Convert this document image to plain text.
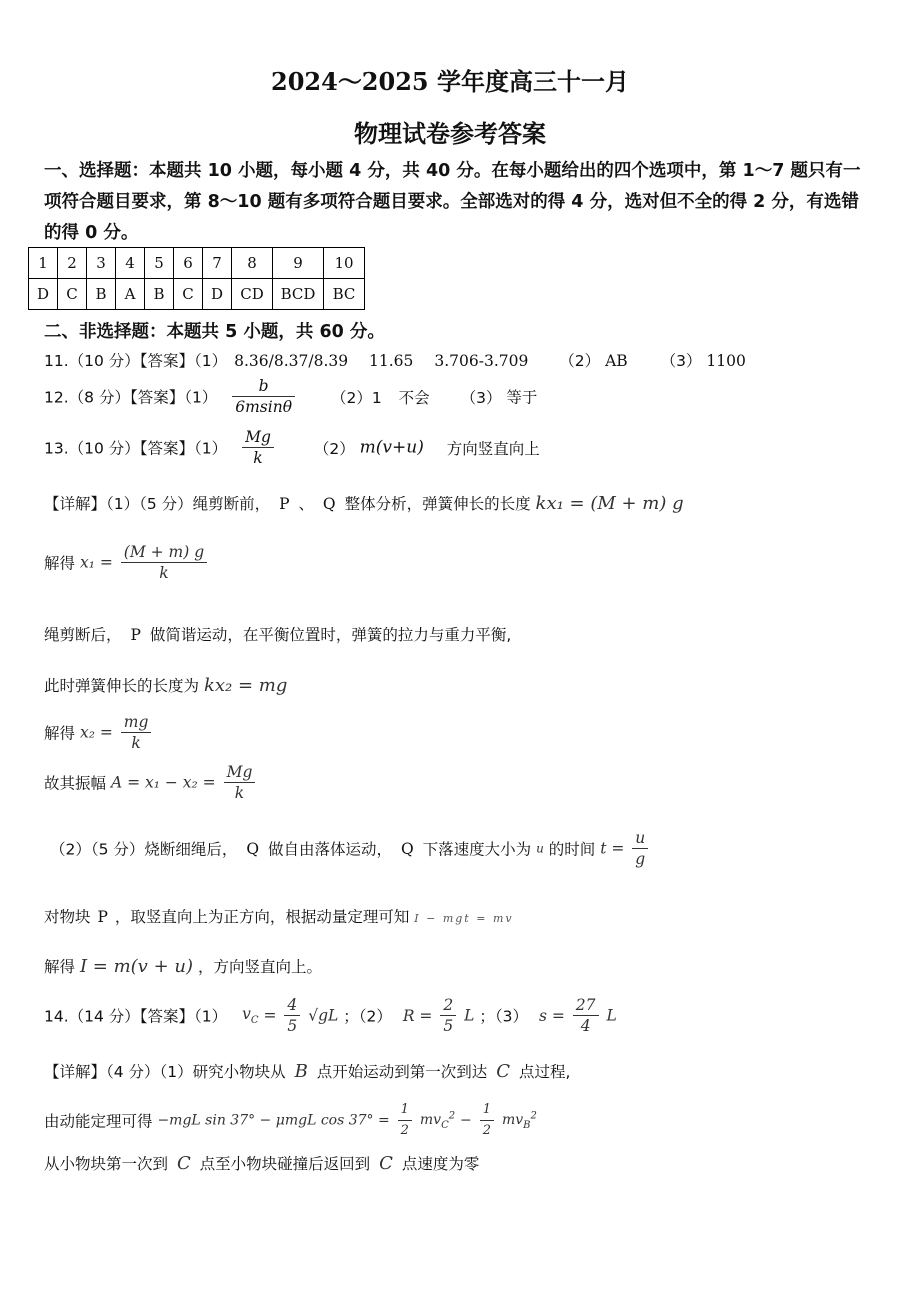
2024～2025 学年度高三十一月
物理试卷参考答案
一、选择题：本题共 10 小题，每小题 4 分，共 40 分。在每小题给出的四个选项中，第 1～7 题只有一项符合题目要求，第 8～10 题有多项符合题目要求。全部选对的得 4 分，选对但不全的得 2 分，有选错的得 0 分。
1	2	3	4	5	6	7	8	9	10
D	C	B	A	B	C	D	CD	BCD	BC
二、非选择题：本题共 5 小题，共 60 分。
11.（10 分）【答案】（1） 8.36/8.37/8.39 11.65 3.706-3.709 （2） AB （3） 1100
12.（8 分）【答案】$(1) \frac{b}{6msin\theta} (2)1$ 不会 （3） 等于
13.（10 分）【答案】$(1) \frac{Mg}{k}$	（2） m(v+u) 方向竖直向上
【详解】（1）（5 分）绳剪断前， P 、 Q 整体分析，弹簧伸长的长度 kx₁ = (M + m) g
解得 $x_1 = \frac{(M + m) g}{k}$
绳剪断后， P 做简谐运动，在平衡位置时，弹簧的拉力与重力平衡,
此时弹簧伸长的长度为 kx₂ = mg
解得 $x_2 = \frac{mg}{k}$
故其振幅 $A = x_1 - x_2 = \frac{Mg}{k}$
（2）（5 分）烧断细绳后， Q 做自由落体运动， Q 下落速度大小为 u 的时间 $t = \frac{u}{g}$
对物块 P ，取竖直向上为正方向，根据动量定理可知 I − mgt = mv
解得 I = m(v + u) ，方向竖直向上。
14.（14 分）【答案】（1） $v_C = \frac{4}{5} √gL$ ；（2） $R = \frac{2}{5}$ L ；（3） $s = \frac{27}{4}$ L
【详解】（4 分）（1）研究小物块从 B 点开始运动到第一次到达 C 点过程,
由动能定理可得 −mgL sin 37° − μmgL $\cos 37^\circ = \frac{1}{2} mv_C^2 - \frac{1}{2} mv_B^2$
从小物块第一次到 C 点至小物块碰撞后返回到 C 点速度为零
